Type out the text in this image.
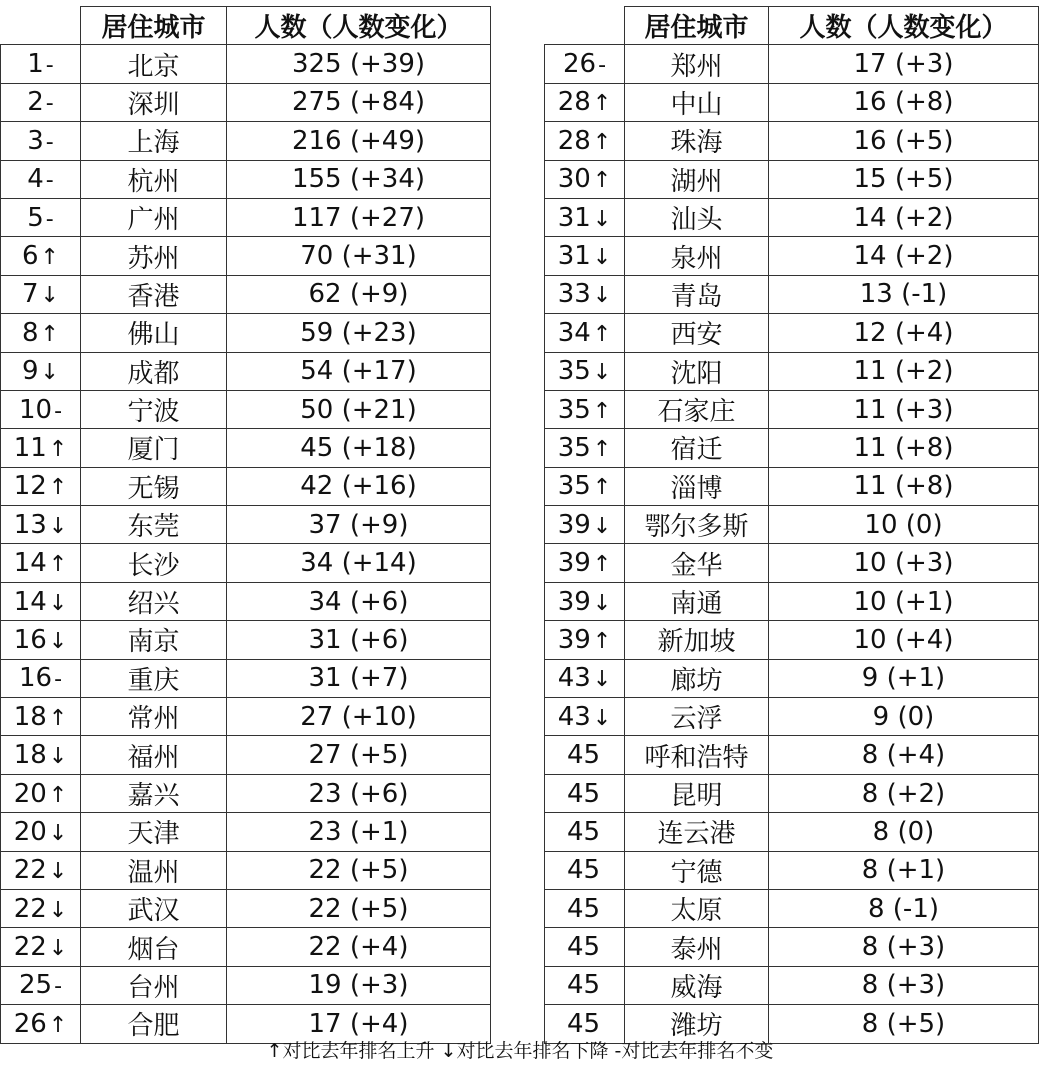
	居住城市	人数（人数变化）
1-	北京	325 (+39)
2-	深圳	275 (+84)
3-	上海	216 (+49)
4-	杭州	155 (+34)
5-	广州	117 (+27)
6↑	苏州	70 (+31)
7↓	香港	62 (+9)
8↑	佛山	59 (+23)
9↓	成都	54 (+17)
10-	宁波	50 (+21)
11↑	厦门	45 (+18)
12↑	无锡	42 (+16)
13↓	东莞	37 (+9)
14↑	长沙	34 (+14)
14↓	绍兴	34 (+6)
16↓	南京	31 (+6)
16-	重庆	31 (+7)
18↑	常州	27 (+10)
18↓	福州	27 (+5)
20↑	嘉兴	23 (+6)
20↓	天津	23 (+1)
22↓	温州	22 (+5)
22↓	武汉	22 (+5)
22↓	烟台	22 (+4)
25-	台州	19 (+3)
26↑	合肥	17 (+4)
	居住城市	人数（人数变化）
26-	郑州	17 (+3)
28↑	中山	16 (+8)
28↑	珠海	16 (+5)
30↑	湖州	15 (+5)
31↓	汕头	14 (+2)
31↓	泉州	14 (+2)
33↓	青岛	13 (-1)
34↑	西安	12 (+4)
35↓	沈阳	11 (+2)
35↑	石家庄	11 (+3)
35↑	宿迁	11 (+8)
35↑	淄博	11 (+8)
39↓	鄂尔多斯	10 (0)
39↑	金华	10 (+3)
39↓	南通	10 (+1)
39↑	新加坡	10 (+4)
43↓	廊坊	9 (+1)
43↓	云浮	9 (0)
45	呼和浩特	8 (+4)
45	昆明	8 (+2)
45	连云港	8 (0)
45	宁德	8 (+1)
45	太原	8 (-1)
45	泰州	8 (+3)
45	威海	8 (+3)
45	潍坊	8 (+5)
↑对比去年排名上升 ↓对比去年排名下降 -对比去年排名不变
